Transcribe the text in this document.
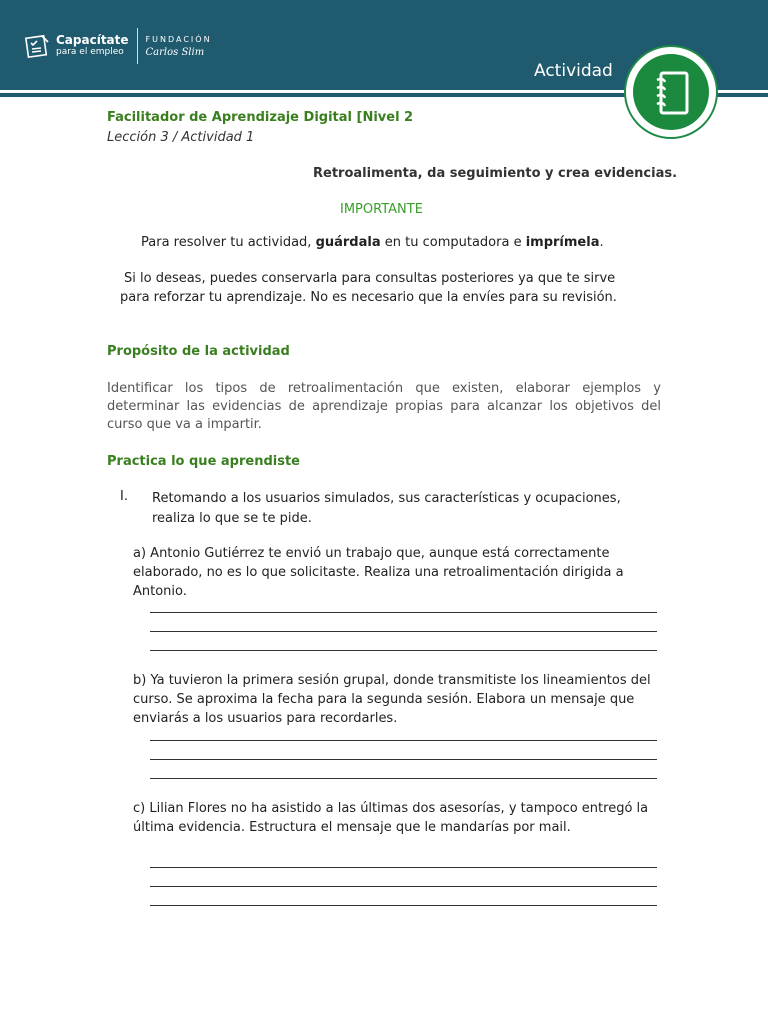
Capacítate
para el empleo
FUNDACIÓN
Carlos Slim
Actividad
Facilitador de Aprendizaje Digital [Nivel 2
Lección 3 / Actividad 1
Retroalimenta, da seguimiento y crea evidencias.
IMPORTANTE
Para resolver tu actividad, guárdala en tu computadora e imprímela.
Si lo deseas, puedes conservarla para consultas posteriores ya que te sirve
para reforzar tu aprendizaje. No es necesario que la envíes para su revisión.
Propósito de la actividad
Identificar los tipos de retroalimentación que existen, elaborar ejemplos y determinar las evidencias de aprendizaje propias para alcanzar los objetivos del curso que va a impartir.
Practica lo que aprendiste
I. Retomando a los usuarios simulados, sus características y ocupaciones, realiza lo que se te pide.
a) Antonio Gutiérrez te envió un trabajo que, aunque está correctamente elaborado, no es lo que solicitaste. Realiza una retroalimentación dirigida a Antonio.
b) Ya tuvieron la primera sesión grupal, donde transmitiste los lineamientos del curso. Se aproxima la fecha para la segunda sesión. Elabora un mensaje que enviarás a los usuarios para recordarles.
c) Lilian Flores no ha asistido a las últimas dos asesorías, y tampoco entregó la última evidencia. Estructura el mensaje que le mandarías por mail.
